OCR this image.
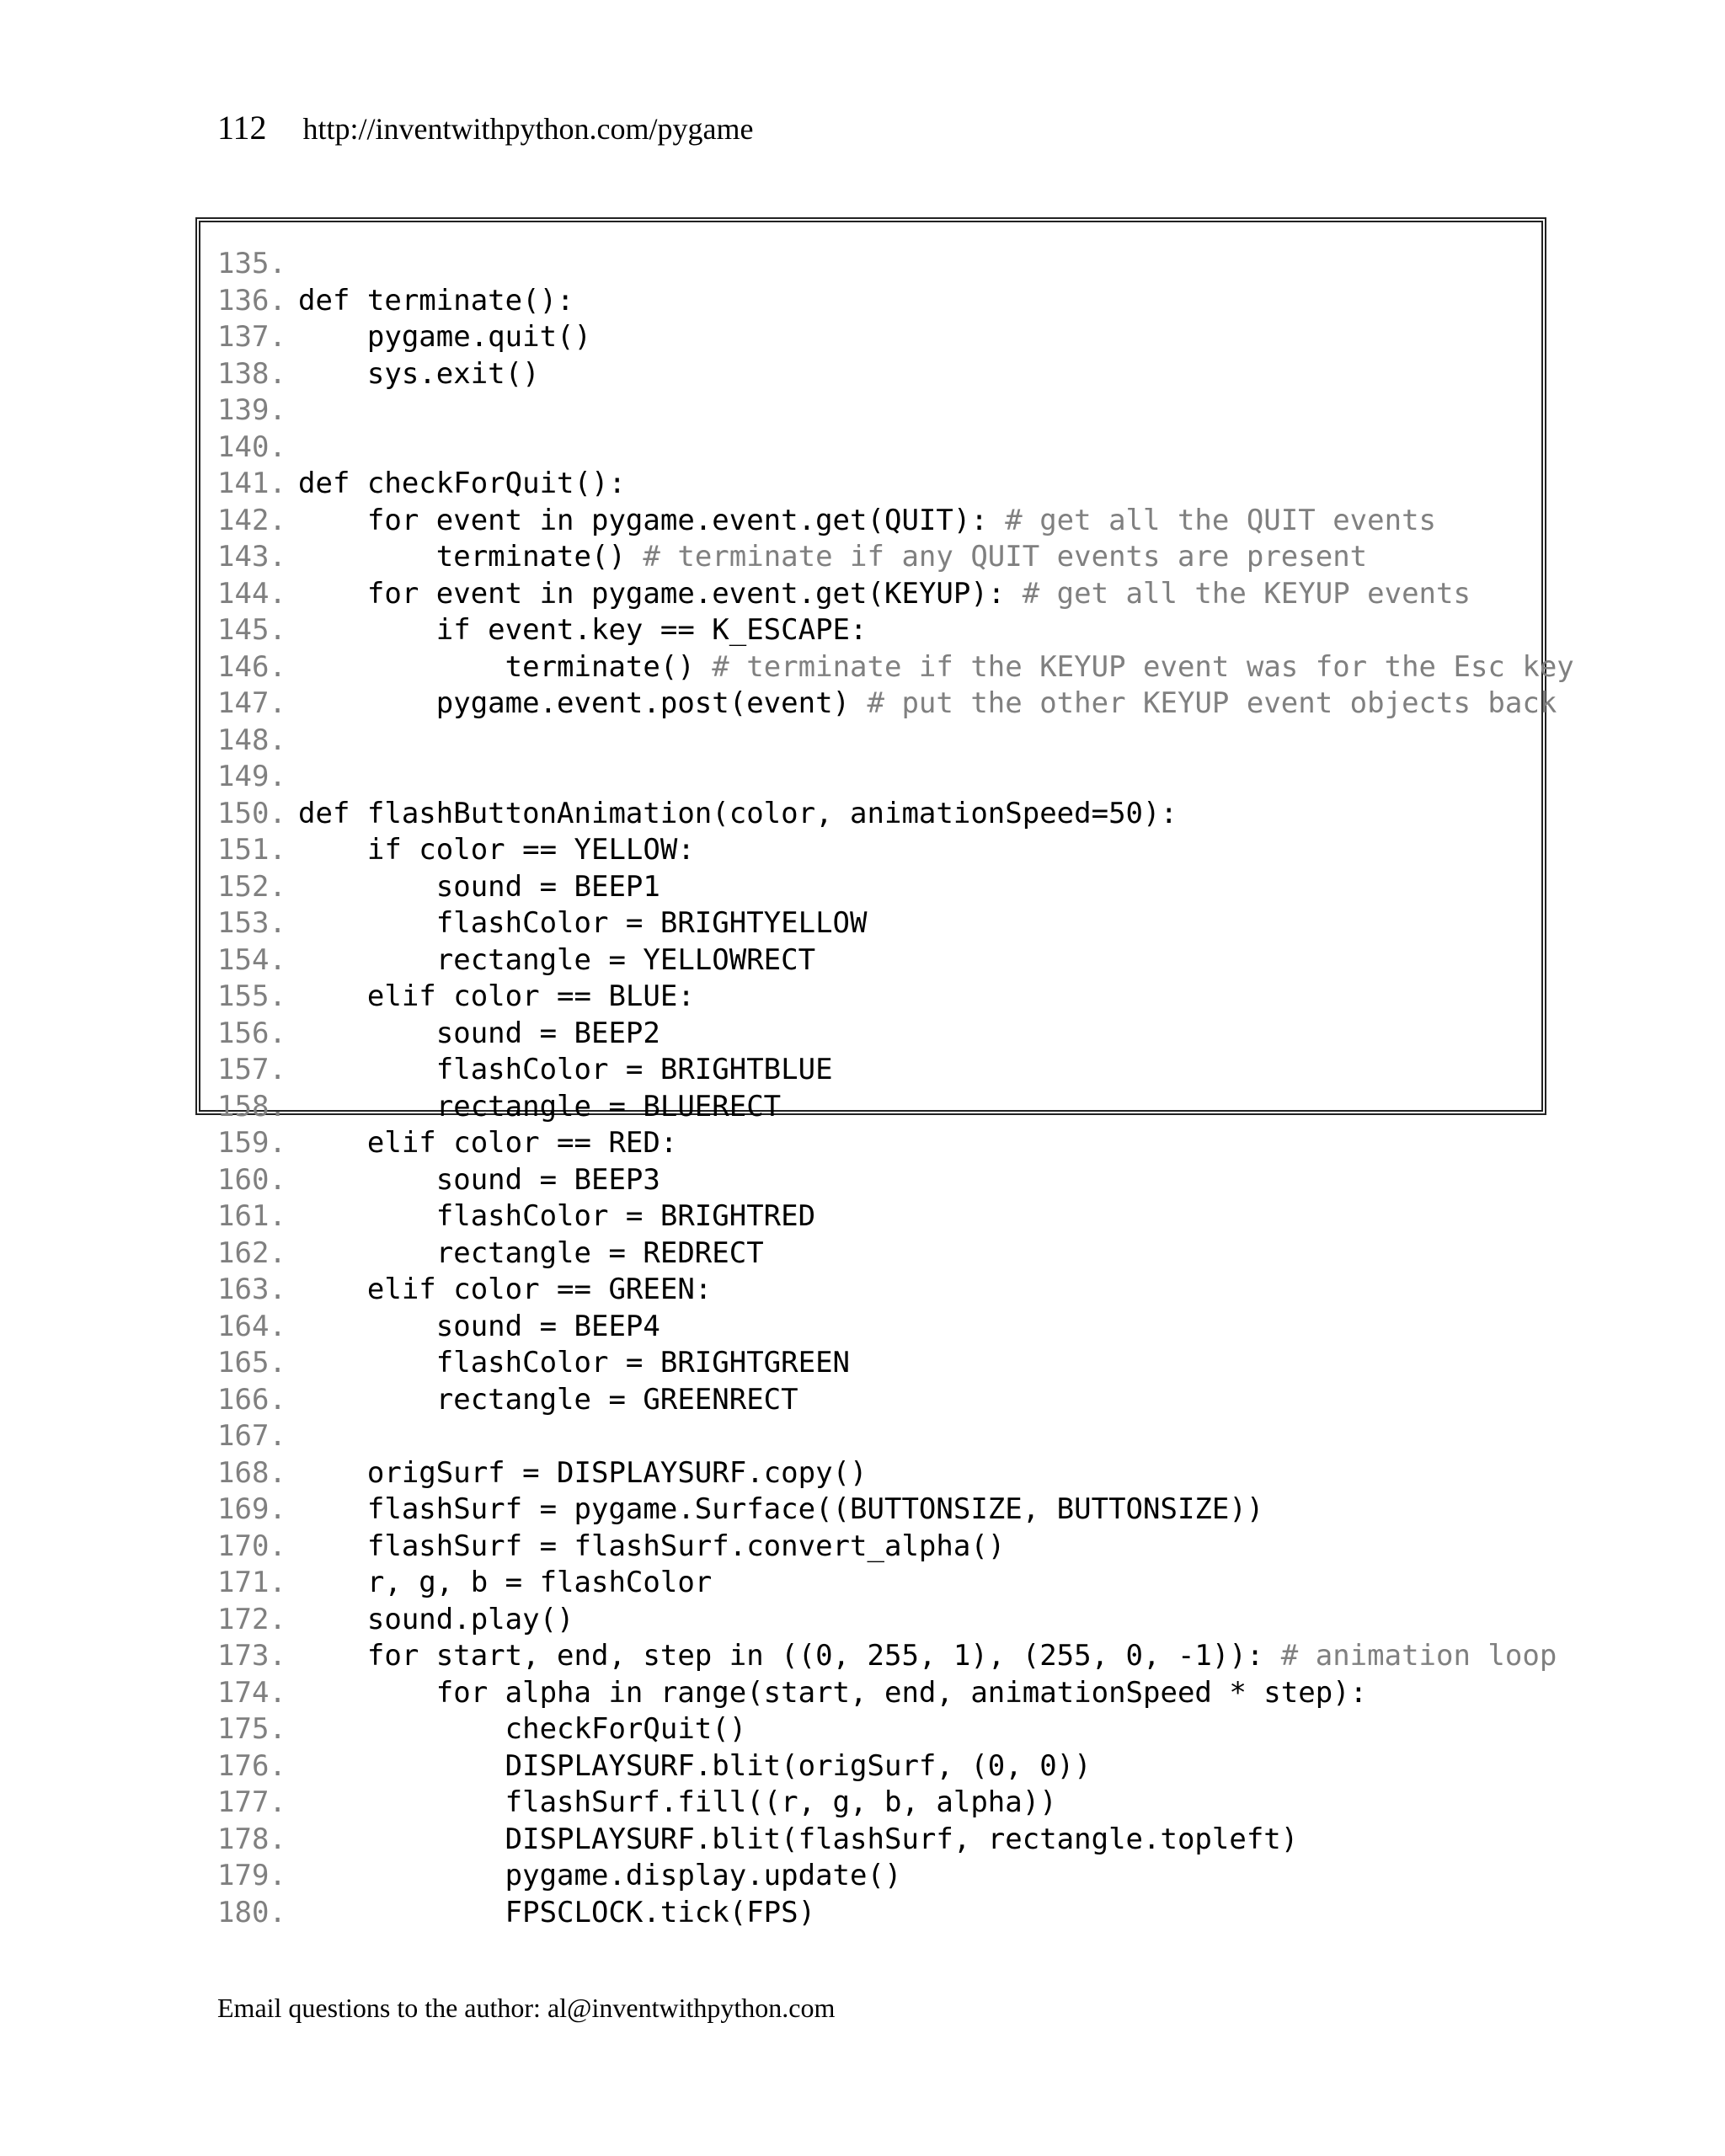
112 http://inventwithpython.com/pygame
135.
136. def terminate():
137.    pygame.quit()
138.    sys.exit()
139.
140.
141. def checkForQuit():
142.    for event in pygame.event.get(QUIT): # get all the QUIT events
143.        terminate() # terminate if any QUIT events are present
144.    for event in pygame.event.get(KEYUP): # get all the KEYUP events
145.        if event.key == K_ESCAPE:
146.            terminate() # terminate if the KEYUP event was for the Esc key
147.        pygame.event.post(event) # put the other KEYUP event objects back
148.
149.
150. def flashButtonAnimation(color, animationSpeed=50):
151.    if color == YELLOW:
152.        sound = BEEP1
153.        flashColor = BRIGHTYELLOW
154.        rectangle = YELLOWRECT
155.    elif color == BLUE:
156.        sound = BEEP2
157.        flashColor = BRIGHTBLUE
158.        rectangle = BLUERECT
159.    elif color == RED:
160.        sound = BEEP3
161.        flashColor = BRIGHTRED
162.        rectangle = REDRECT
163.    elif color == GREEN:
164.        sound = BEEP4
165.        flashColor = BRIGHTGREEN
166.        rectangle = GREENRECT
167.
168.    origSurf = DISPLAYSURF.copy()
169.    flashSurf = pygame.Surface((BUTTONSIZE, BUTTONSIZE))
170.    flashSurf = flashSurf.convert_alpha()
171.    r, g, b = flashColor
172.    sound.play()
173.    for start, end, step in ((0, 255, 1), (255, 0, -1)): # animation loop
174.        for alpha in range(start, end, animationSpeed * step):
175.            checkForQuit()
176.            DISPLAYSURF.blit(origSurf, (0, 0))
177.            flashSurf.fill((r, g, b, alpha))
178.            DISPLAYSURF.blit(flashSurf, rectangle.topleft)
179.            pygame.display.update()
180.            FPSCLOCK.tick(FPS)
Email questions to the author: al@inventwithpython.com
